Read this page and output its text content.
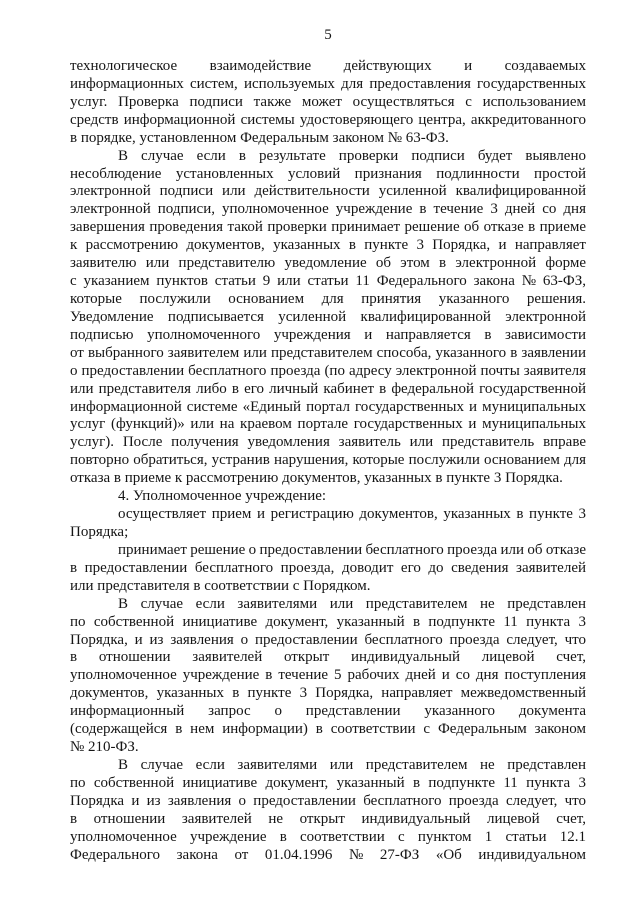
5
технологическое взаимодействие действующих и создаваемых
информационных систем, используемых для предоставления государственных
услуг. Проверка подписи также может осуществляться с использованием
средств информационной системы удостоверяющего центра, аккредитованного
в порядке, установленном Федеральным законом № 63-ФЗ.
В случае если в результате проверки подписи будет выявлено
несоблюдение установленных условий признания подлинности простой
электронной подписи или действительности усиленной квалифицированной
электронной подписи, уполномоченное учреждение в течение 3 дней со дня
завершения проведения такой проверки принимает решение об отказе в приеме
к рассмотрению документов, указанных в пункте 3 Порядка, и направляет
заявителю или представителю уведомление об этом в электронной форме
с указанием пунктов статьи 9 или статьи 11 Федерального закона № 63-ФЗ,
которые послужили основанием для принятия указанного решения.
Уведомление подписывается усиленной квалифицированной электронной
подписью уполномоченного учреждения и направляется в зависимости
от выбранного заявителем или представителем способа, указанного в заявлении
о предоставлении бесплатного проезда (по адресу электронной почты заявителя
или представителя либо в его личный кабинет в федеральной государственной
информационной системе «Единый портал государственных и муниципальных
услуг (функций)» или на краевом портале государственных и муниципальных
услуг). После получения уведомления заявитель или представитель вправе
повторно обратиться, устранив нарушения, которые послужили основанием для
отказа в приеме к рассмотрению документов, указанных в пункте 3 Порядка.
4. Уполномоченное учреждение:
осуществляет прием и регистрацию документов, указанных в пункте 3
Порядка;
принимает решение о предоставлении бесплатного проезда или об отказе
в предоставлении бесплатного проезда, доводит его до сведения заявителей
или представителя в соответствии с Порядком.
В случае если заявителями или представителем не представлен
по собственной инициативе документ, указанный в подпункте 11 пункта 3
Порядка, и из заявления о предоставлении бесплатного проезда следует, что
в отношении заявителей открыт индивидуальный лицевой счет,
уполномоченное учреждение в течение 5 рабочих дней и со дня поступления
документов, указанных в пункте 3 Порядка, направляет межведомственный
информационный запрос о представлении указанного документа
(содержащейся в нем информации) в соответствии с Федеральным законом
№ 210-ФЗ.
В случае если заявителями или представителем не представлен
по собственной инициативе документ, указанный в подпункте 11 пункта 3
Порядка и из заявления о предоставлении бесплатного проезда следует, что
в отношении заявителей не открыт индивидуальный лицевой счет,
уполномоченное учреждение в соответствии с пунктом 1 статьи 12.1
Федерального закона от 01.04.1996 № 27-ФЗ «Об индивидуальном
